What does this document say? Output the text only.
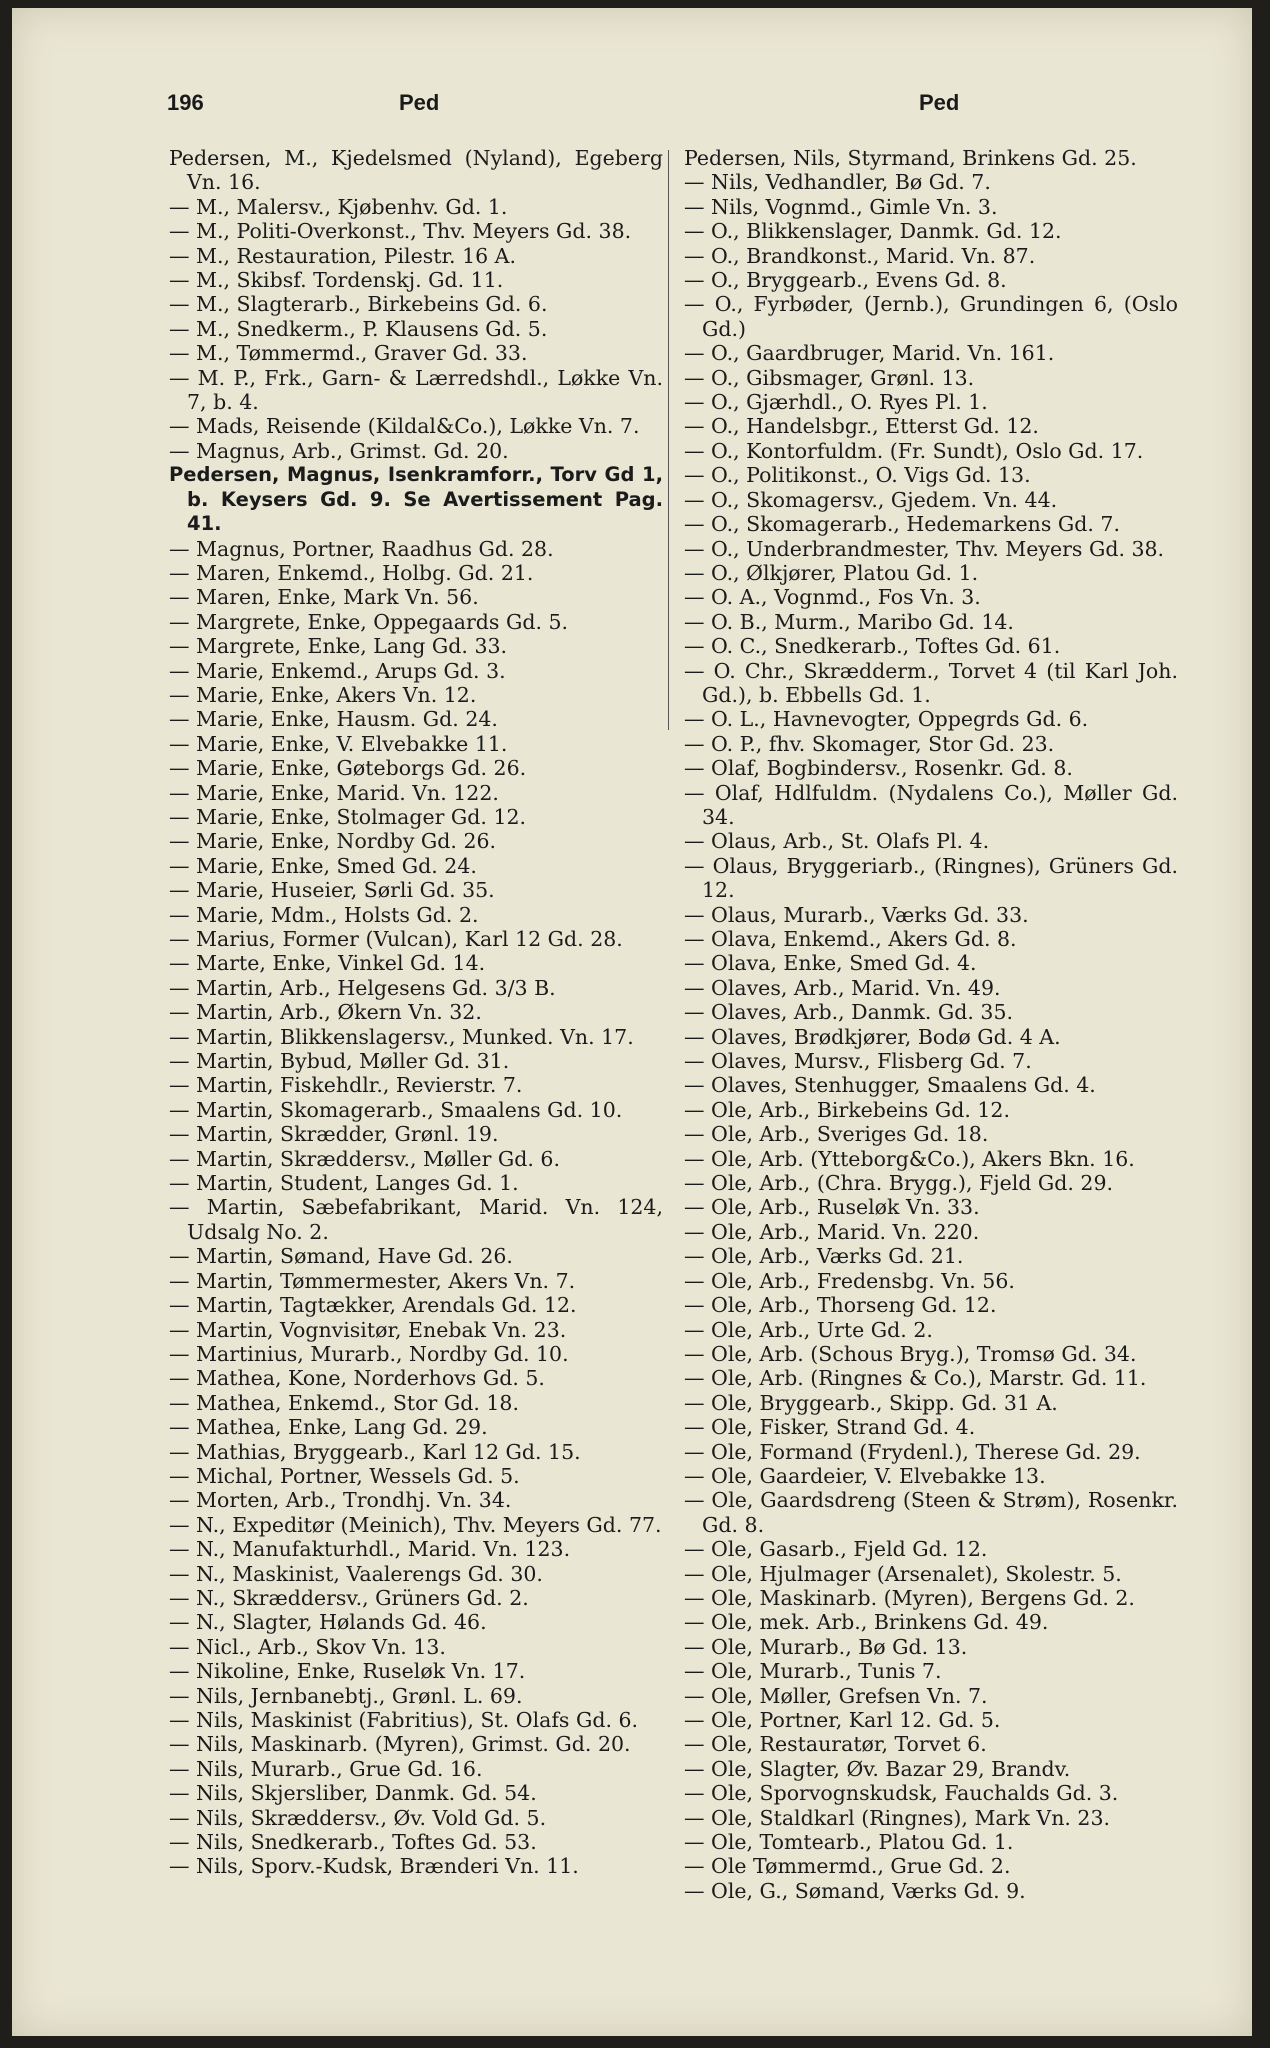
196	Ped	Ped

Pedersen, M., Kjedelsmed (Nyland), Egeberg Vn. 16.

— M., Malersv., Kjøbenhv. Gd. 1.

— M., Politi-Overkonst., Thv. Meyers Gd. 38.

— M., Restauration, Pilestr. 16 A.

— M., Skibsf. Tordenskj. Gd. 11.

— M., Slagterarb., Birkebeins Gd. 6.

— M., Snedkerm., P. Klausens Gd. 5.

— M., Tømmermd., Graver Gd. 33.

— M. P., Frk., Garn- & Lærredshdl., Løkke Vn. 7, b. 4.

— Mads, Reisende (Kildal&Co.), Løkke Vn. 7.

— Magnus, Arb., Grimst. Gd. 20.

Pedersen, Magnus, Isenkramforr., Torv Gd 1, b. Keysers Gd. 9. Se Avertissement Pag. 41.

— Magnus, Portner, Raadhus Gd. 28.

— Maren, Enkemd., Holbg. Gd. 21.

— Maren, Enke, Mark Vn. 56.

— Margrete, Enke, Oppegaards Gd. 5.

— Margrete, Enke, Lang Gd. 33.

— Marie, Enkemd., Arups Gd. 3.

— Marie, Enke, Akers Vn. 12.

— Marie, Enke, Hausm. Gd. 24.

— Marie, Enke, V. Elvebakke 11.

— Marie, Enke, Gøteborgs Gd. 26.

— Marie, Enke, Marid. Vn. 122.

— Marie, Enke, Stolmager Gd. 12.

— Marie, Enke, Nordby Gd. 26.

— Marie, Enke, Smed Gd. 24.

— Marie, Huseier, Sørli Gd. 35.

— Marie, Mdm., Holsts Gd. 2.

— Marius, Former (Vulcan), Karl 12 Gd. 28.

— Marte, Enke, Vinkel Gd. 14.

— Martin, Arb., Helgesens Gd. 3/3 B.

— Martin, Arb., Økern Vn. 32.

— Martin, Blikkenslagersv., Munked. Vn. 17.

— Martin, Bybud, Møller Gd. 31.

— Martin, Fiskehdlr., Revierstr. 7.

— Martin, Skomagerarb., Smaalens Gd. 10.

— Martin, Skrædder, Grønl. 19.

— Martin, Skræddersv., Møller Gd. 6.

— Martin, Student, Langes Gd. 1.

— Martin, Sæbefabrikant, Marid. Vn. 124, Udsalg No. 2.

— Martin, Sømand, Have Gd. 26.

— Martin, Tømmermester, Akers Vn. 7.

— Martin, Tagtækker, Arendals Gd. 12.

— Martin, Vognvisitør, Enebak Vn. 23.

— Martinius, Murarb., Nordby Gd. 10.

— Mathea, Kone, Norderhovs Gd. 5.

— Mathea, Enkemd., Stor Gd. 18.

— Mathea, Enke, Lang Gd. 29.

— Mathias, Bryggearb., Karl 12 Gd. 15.

— Michal, Portner, Wessels Gd. 5.

— Morten, Arb., Trondhj. Vn. 34.

— N., Expeditør (Meinich), Thv. Meyers Gd. 77.

— N., Manufakturhdl., Marid. Vn. 123.

— N., Maskinist, Vaalerengs Gd. 30.

— N., Skræddersv., Grüners Gd. 2.

— N., Slagter, Hølands Gd. 46.

— Nicl., Arb., Skov Vn. 13.

— Nikoline, Enke, Ruseløk Vn. 17.

— Nils, Jernbanebtj., Grønl. L. 69.

— Nils, Maskinist (Fabritius), St. Olafs Gd. 6.

— Nils, Maskinarb. (Myren), Grimst. Gd. 20.

— Nils, Murarb., Grue Gd. 16.

— Nils, Skjersliber, Danmk. Gd. 54.

— Nils, Skræddersv., Øv. Vold Gd. 5.

— Nils, Snedkerarb., Toftes Gd. 53.

— Nils, Sporv.-Kudsk, Brænderi Vn. 11.

Pedersen, Nils, Styrmand, Brinkens Gd. 25.

— Nils, Vedhandler, Bø Gd. 7.

— Nils, Vognmd., Gimle Vn. 3.

— O., Blikkenslager, Danmk. Gd. 12.

— O., Brandkonst., Marid. Vn. 87.

— O., Bryggearb., Evens Gd. 8.

— O., Fyrbøder, (Jernb.), Grundingen 6, (Oslo Gd.)

— O., Gaardbruger, Marid. Vn. 161.

— O., Gibsmager, Grønl. 13.

— O., Gjærhdl., O. Ryes Pl. 1.

— O., Handelsbgr., Etterst Gd. 12.

— O., Kontorfuldm. (Fr. Sundt), Oslo Gd. 17.

— O., Politikonst., O. Vigs Gd. 13.

— O., Skomagersv., Gjedem. Vn. 44.

— O., Skomagerarb., Hedemarkens Gd. 7.

— O., Underbrandmester, Thv. Meyers Gd. 38.

— O., Ølkjører, Platou Gd. 1.

— O. A., Vognmd., Fos Vn. 3.

— O. B., Murm., Maribo Gd. 14.

— O. C., Snedkerarb., Toftes Gd. 61.

— O. Chr., Skrædderm., Torvet 4 (til Karl Joh. Gd.), b. Ebbells Gd. 1.

— O. L., Havnevogter, Oppegrds Gd. 6.

— O. P., fhv. Skomager, Stor Gd. 23.

— Olaf, Bogbindersv., Rosenkr. Gd. 8.

— Olaf, Hdlfuldm. (Nydalens Co.), Møller Gd. 34.

— Olaus, Arb., St. Olafs Pl. 4.

— Olaus, Bryggeriarb., (Ringnes), Grüners Gd. 12.

— Olaus, Murarb., Værks Gd. 33.

— Olava, Enkemd., Akers Gd. 8.

— Olava, Enke, Smed Gd. 4.

— Olaves, Arb., Marid. Vn. 49.

— Olaves, Arb., Danmk. Gd. 35.

— Olaves, Brødkjører, Bodø Gd. 4 A.

— Olaves, Mursv., Flisberg Gd. 7.

— Olaves, Stenhugger, Smaalens Gd. 4.

— Ole, Arb., Birkebeins Gd. 12.

— Ole, Arb., Sveriges Gd. 18.

— Ole, Arb. (Ytteborg&Co.), Akers Bkn. 16.

— Ole, Arb., (Chra. Brygg.), Fjeld Gd. 29.

— Ole, Arb., Ruseløk Vn. 33.

— Ole, Arb., Marid. Vn. 220.

— Ole, Arb., Værks Gd. 21.

— Ole, Arb., Fredensbg. Vn. 56.

— Ole, Arb., Thorseng Gd. 12.

— Ole, Arb., Urte Gd. 2.

— Ole, Arb. (Schous Bryg.), Tromsø Gd. 34.

— Ole, Arb. (Ringnes & Co.), Marstr. Gd. 11.

— Ole, Bryggearb., Skipp. Gd. 31 A.

— Ole, Fisker, Strand Gd. 4.

— Ole, Formand (Frydenl.), Therese Gd. 29.

— Ole, Gaardeier, V. Elvebakke 13.

— Ole, Gaardsdreng (Steen & Strøm), Rosenkr. Gd. 8.

— Ole, Gasarb., Fjeld Gd. 12.

— Ole, Hjulmager (Arsenalet), Skolestr. 5.

— Ole, Maskinarb. (Myren), Bergens Gd. 2.

— Ole, mek. Arb., Brinkens Gd. 49.

— Ole, Murarb., Bø Gd. 13.

— Ole, Murarb., Tunis 7.

— Ole, Møller, Grefsen Vn. 7.

— Ole, Portner, Karl 12. Gd. 5.

— Ole, Restauratør, Torvet 6.

— Ole, Slagter, Øv. Bazar 29, Brandv.

— Ole, Sporvognskudsk, Fauchalds Gd. 3.

— Ole, Staldkarl (Ringnes), Mark Vn. 23.

— Ole, Tomtearb., Platou Gd. 1.

— Ole Tømmermd., Grue Gd. 2.

— Ole, G., Sømand, Værks Gd. 9.
